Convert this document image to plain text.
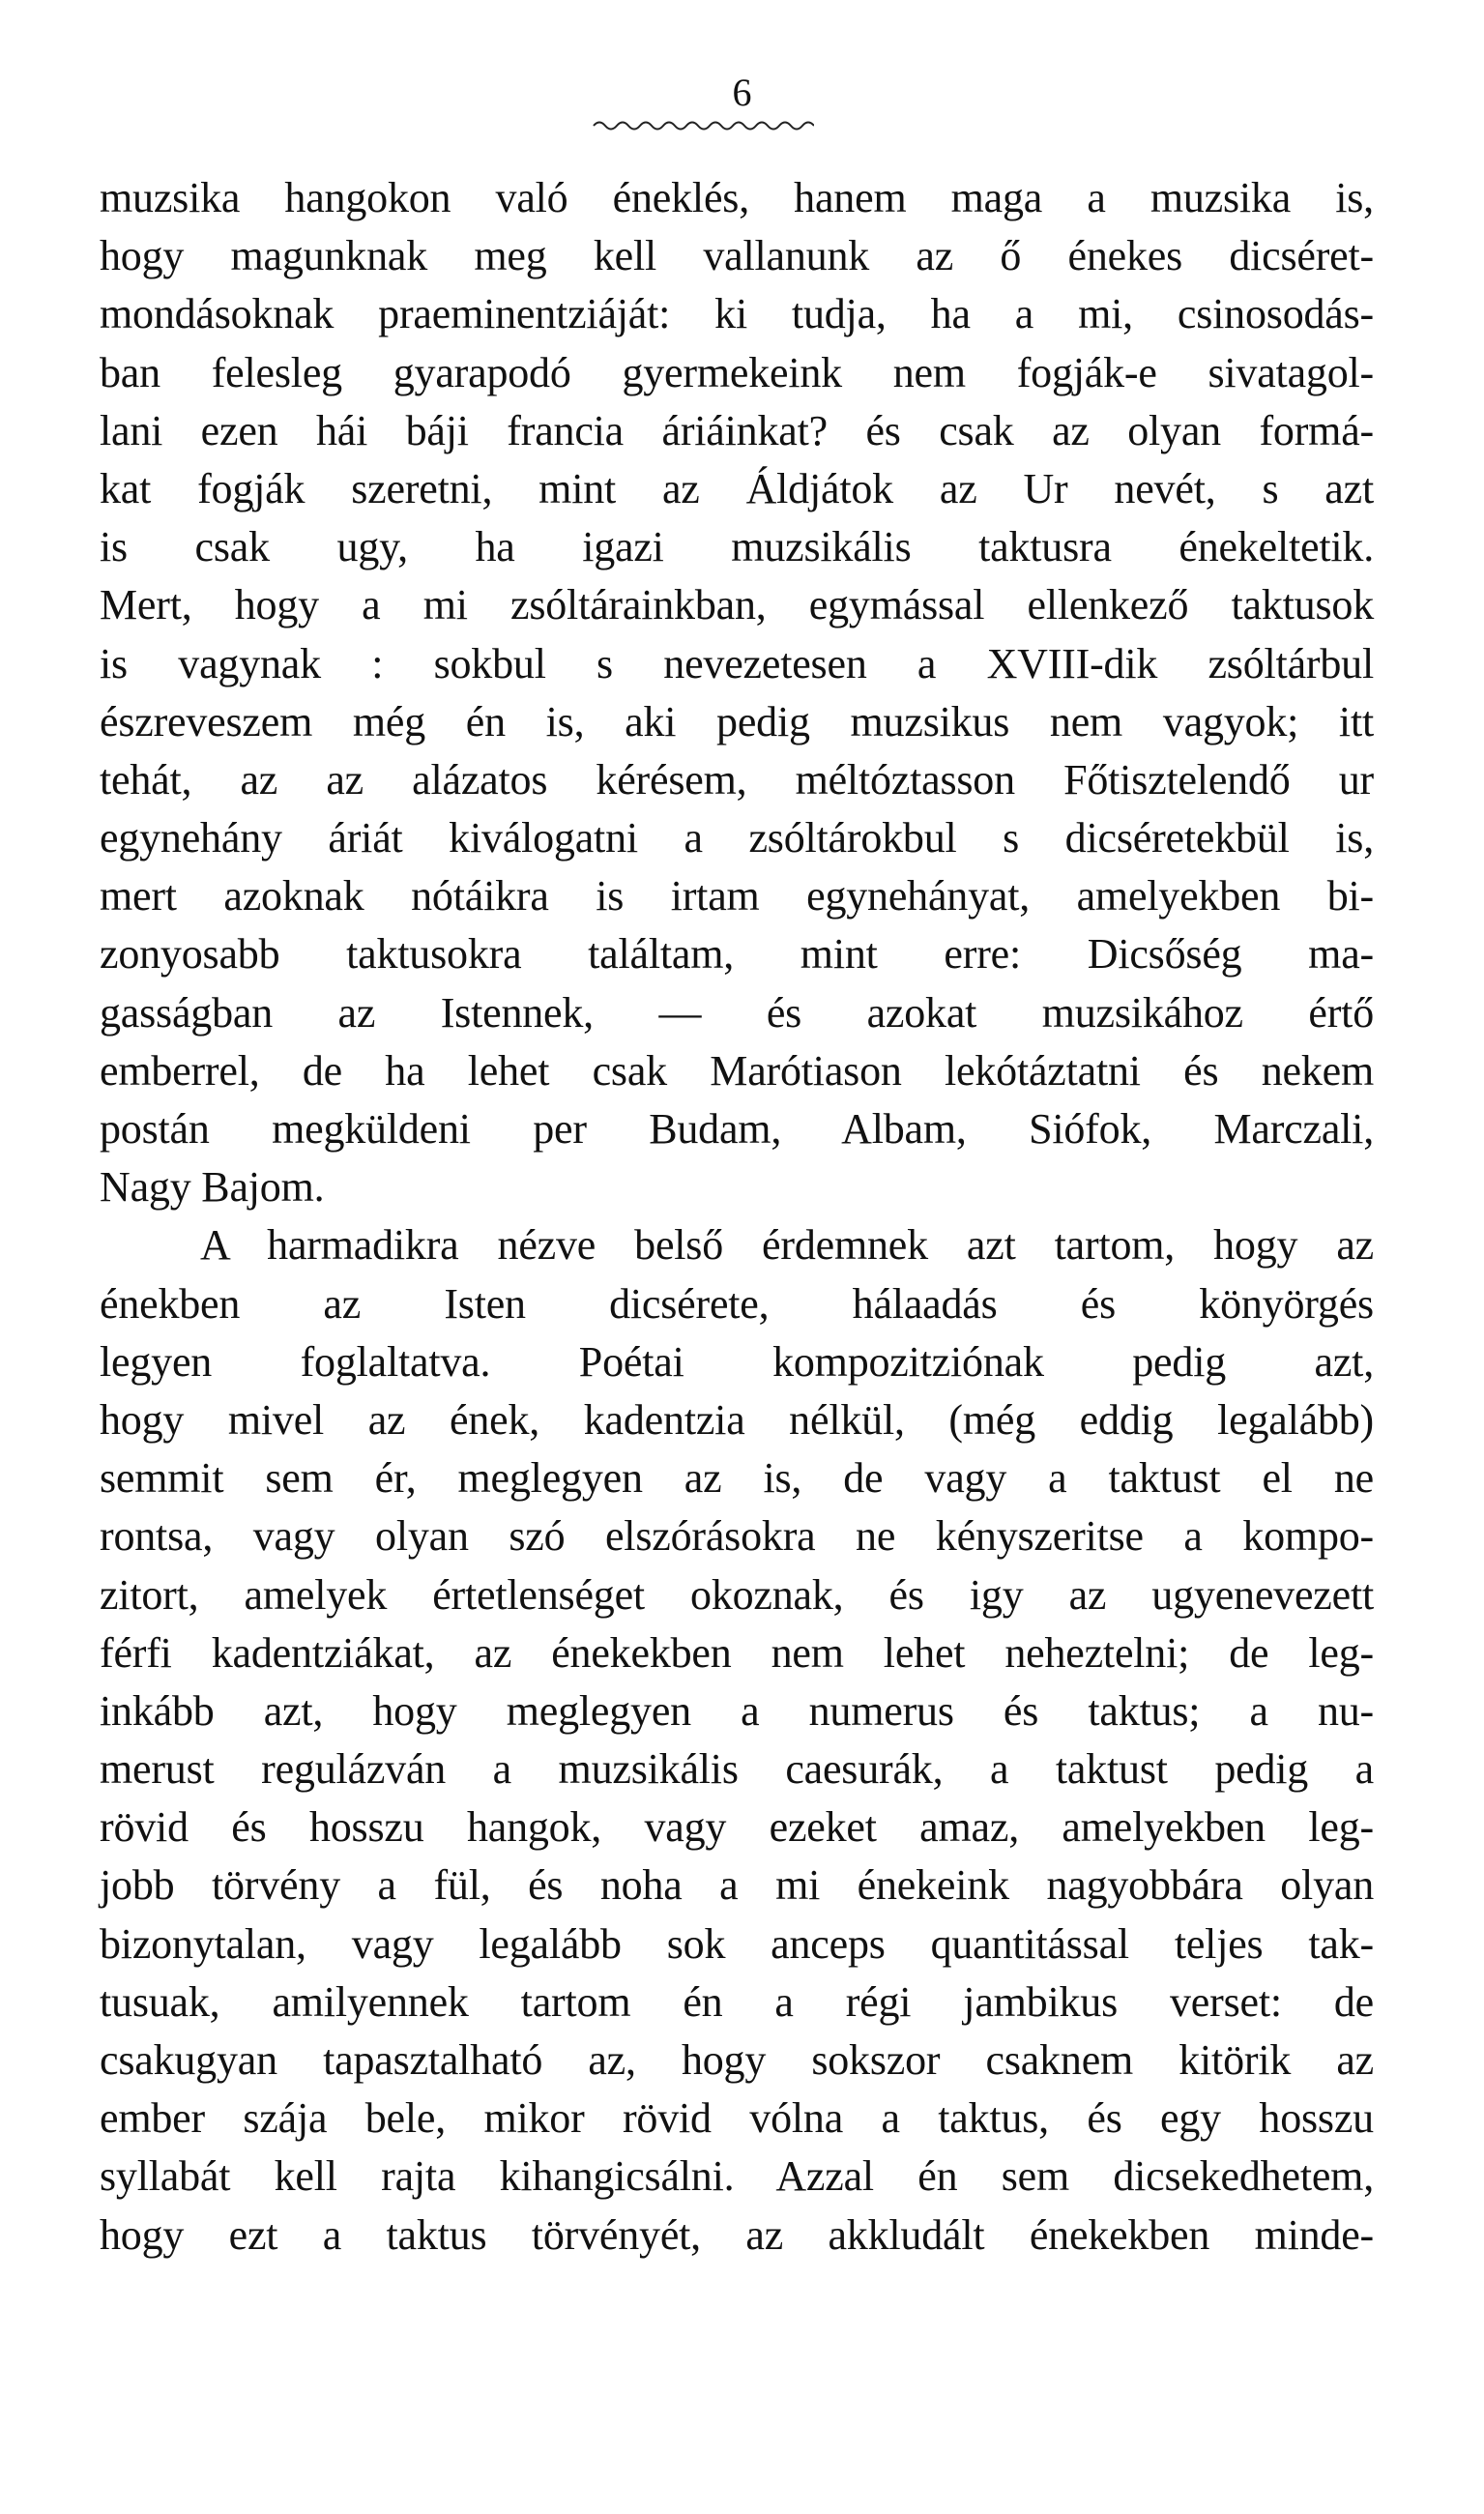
6
muzsika hangokon való éneklés, hanem maga a muzsika is,
hogy magunknak meg kell vallanunk az ő énekes dicséret-
mondásoknak praeminentziáját: ki tudja, ha a mi, csinosodás-
ban felesleg gyarapodó gyermekeink nem fogják-e sivatagol-
lani ezen hái báji francia áriáinkat? és csak az olyan formá-
kat fogják szeretni, mint az Áldjátok az Ur nevét, s azt
is csak ugy, ha igazi muzsikális taktusra énekeltetik.
Mert, hogy a mi zsóltárainkban, egymással ellenkező taktusok
is vagynak : sokbul s nevezetesen a XVIII-dik zsóltárbul
észreveszem még én is, aki pedig muzsikus nem vagyok; itt
tehát, az az alázatos kérésem, méltóztasson Főtisztelendő ur
egynehány áriát kiválogatni a zsóltárokbul s dicséretekbül is,
mert azoknak nótáikra is irtam egynehányat, amelyekben bi-
zonyosabb taktusokra találtam, mint erre: Dicsőség ma-
gasságban az Istennek, — és azokat muzsikához értő
emberrel, de ha lehet csak Marótiason lekótáztatni és nekem
postán megküldeni per Budam, Albam, Siófok, Marczali,
Nagy Bajom.
A harmadikra nézve belső érdemnek azt tartom, hogy az
énekben az Isten dicsérete, hálaadás és könyörgés
legyen foglaltatva. Poétai kompozitziónak pedig azt,
hogy mivel az ének, kadentzia nélkül, (még eddig legalább)
semmit sem ér, meglegyen az is, de vagy a taktust el ne
rontsa, vagy olyan szó elszórásokra ne kényszeritse a kompo-
zitort, amelyek értetlenséget okoznak, és igy az ugyenevezett
férfi kadentziákat, az énekekben nem lehet neheztelni; de leg-
inkább azt, hogy meglegyen a numerus és taktus; a nu-
merust regulázván a muzsikális caesurák, a taktust pedig a
rövid és hosszu hangok, vagy ezeket amaz, amelyekben leg-
jobb törvény a fül, és noha a mi énekeink nagyobbára olyan
bizonytalan, vagy legalább sok anceps quantitással teljes tak-
tusuak, amilyennek tartom én a régi jambikus verset: de
csakugyan tapasztalható az, hogy sokszor csaknem kitörik az
ember szája bele, mikor rövid vólna a taktus, és egy hosszu
syllabát kell rajta kihangicsálni. Azzal én sem dicsekedhetem,
hogy ezt a taktus törvényét, az akkludált énekekben minde-
